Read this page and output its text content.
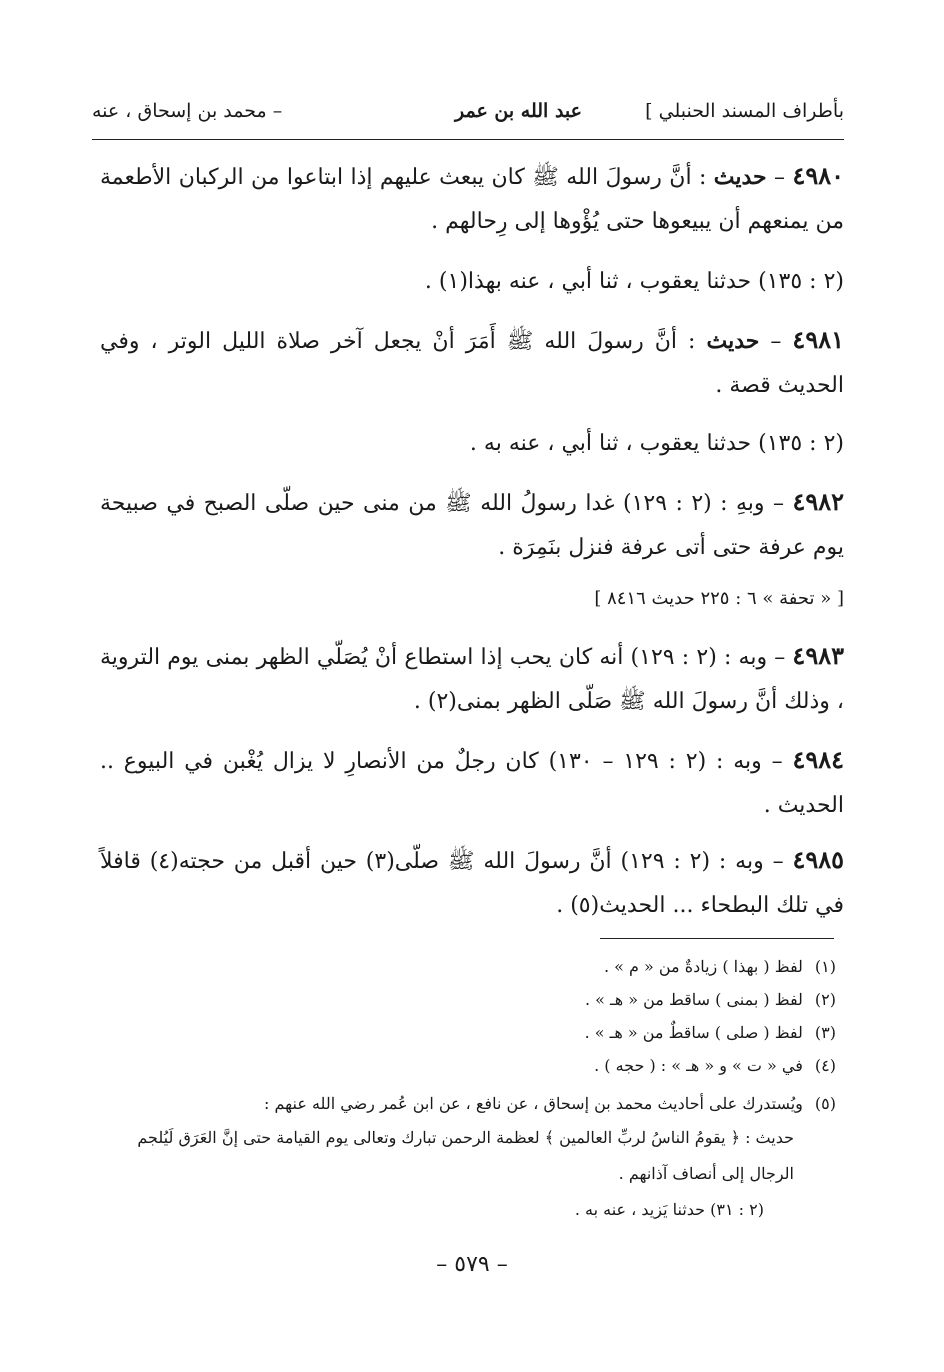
بأطراف المسند الحنبلي ]
عبد الله بن عمر
– محمد بن إسحاق ، عنه
٤٩٨٠ – حديث : أنَّ رسولَ الله ﷺ كان يبعث عليهم إذا ابتاعوا من الركبان الأطعمة من يمنعهم أن يبيعوها حتى يُؤْوها إلى رِحالهم .
(٢ : ١٣٥) حدثنا يعقوب ، ثنا أبي ، عنه بهذا(١) .
٤٩٨١ – حديث : أنَّ رسولَ الله ﷺ أَمَرَ أنْ يجعل آخر صلاة الليل الوتر ، وفي الحديث قصة .
(٢ : ١٣٥) حدثنا يعقوب ، ثنا أبي ، عنه به .
٤٩٨٢ – وبهِ : (٢ : ١٢٩) غدا رسولُ الله ﷺ من منى حين صلّى الصبح في صبيحة يوم عرفة حتى أتى عرفة فنزل بنَمِرَة .
[ « تحفة » ٦ : ٢٢٥ حديث ٨٤١٦ ]
٤٩٨٣ – وبه : (٢ : ١٢٩) أنه كان يحب إذا استطاع أنْ يُصَلّي الظهر بمنى يوم التروية ، وذلك أنَّ رسولَ الله ﷺ صَلّى الظهر بمنى(٢) .
٤٩٨٤ – وبه : (٢ : ١٢٩ – ١٣٠) كان رجلٌ من الأنصارِ لا يزال يُغْبن في البيوع .. الحديث .
٤٩٨٥ – وبه : (٢ : ١٢٩) أنَّ رسولَ الله ﷺ صلّى(٣) حين أقبل من حجته(٤) قافلاً في تلك البطحاء ... الحديث(٥) .
(١) لفظ ( بهذا ) زيادةٌ من « م » .
(٢) لفظ ( بمنى ) ساقط من « هـ » .
(٣) لفظ ( صلى ) ساقطٌ من « هـ » .
(٤) في « ت » و « هـ » : ( حجه ) .
(٥) ويُستدرك على أحاديث محمد بن إسحاق ، عن نافع ، عن ابن عُمر رضي الله عنهم :
حديث : ﴿ يقومُ الناسُ لربِّ العالمين ﴾ لعظمة الرحمن تبارك وتعالى يوم القيامة حتى إنَّ العَرَق لَيُلجم
الرجال إلى أنصاف آذانهم .
(٢ : ٣١) حدثنا يَزيد ، عنه به .
– ٥٧٩ –
